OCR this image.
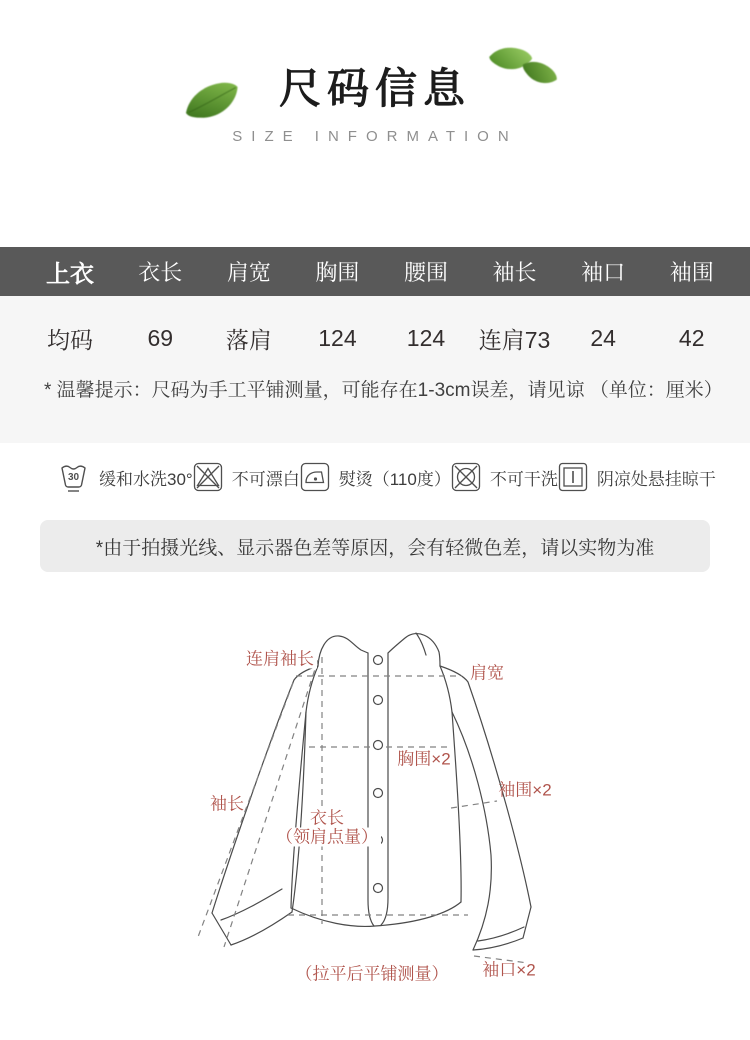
尺码信息
SIZE INFORMATION
上衣	衣长	肩宽	胸围	腰围	袖长	袖口	袖围
均码	69	落肩	124	124	连肩73	24	42
* 温馨提示：尺码为手工平铺测量，可能存在1-3cm误差，请见谅 （单位：厘米）
30 缓和水洗30° 不可漂白 熨烫（110度） 不可干洗 阴凉处悬挂晾干
*由于拍摄光线、显示器色差等原因，会有轻微色差，请以实物为准
连肩袖长
肩宽
胸围×2
袖长
衣长
（领肩点量）
袖围×2
（拉平后平铺测量） 袖口×2
